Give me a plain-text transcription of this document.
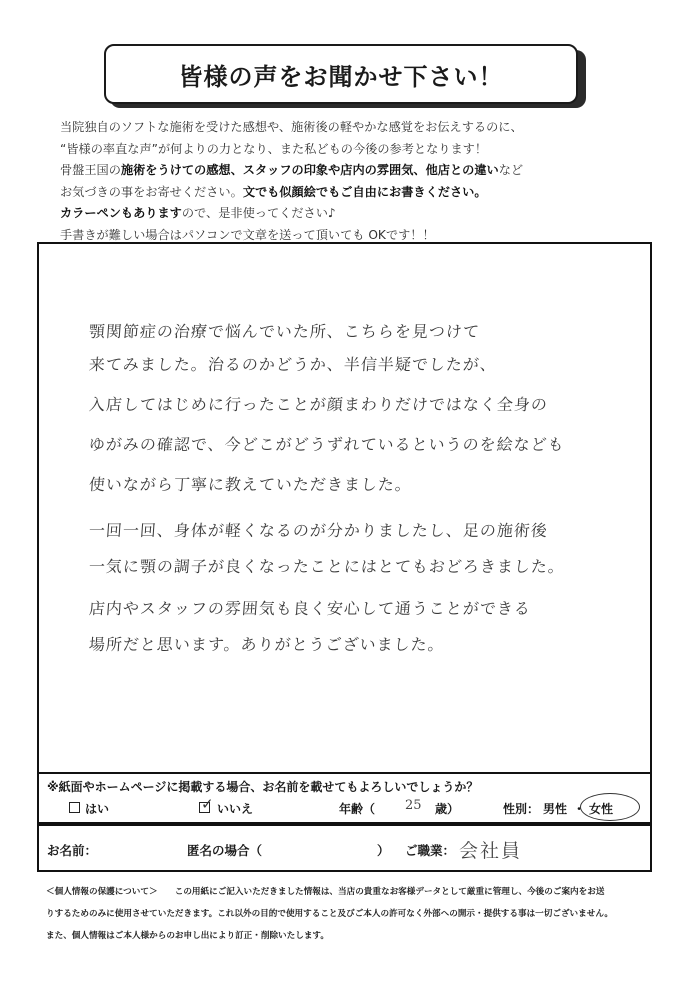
皆様の声をお聞かせ下さい！
当院独自のソフトな施術を受けた感想や、施術後の軽やかな感覚をお伝えするのに、
“皆様の率直な声”が何よりの力となり、また私どもの今後の参考となります！
骨盤王国の施術をうけての感想、スタッフの印象や店内の雰囲気、他店との違いなど
お気づきの事をお寄せください。文でも似顔絵でもご自由にお書きください。
カラーペンもありますので、是非使ってください♪
手書きが難しい場合はパソコンで文章を送って頂いても OKです！！
顎関節症の治療で悩んでいた所、こちらを見つけて
来てみました。治るのかどうか、半信半疑でしたが、
入店してはじめに行ったことが顔まわりだけではなく全身の
ゆがみの確認で、今どこがどうずれているというのを絵なども
使いながら丁寧に教えていただきました。
一回一回、身体が軽くなるのが分かりましたし、足の施術後
一気に顎の調子が良くなったことにはとてもおどろきました。
店内やスタッフの雰囲気も良く安心して通うことができる
場所だと思います。ありがとうございました。
※紙面やホームページに掲載する場合、お名前を載せてもよろしいでしょうか？
はい	✓ いいえ	年齢（ 25 歳）	性別： 男性 ・ 女性
お名前：	匿名の場合（	） ご職業： 会社員
＜個人情報の保護について＞　　この用紙にご記入いただきました情報は、当店の貴重なお客様データとして厳重に管理し、今後のご案内をお送
りするためのみに使用させていただきます。これ以外の目的で使用すること及びご本人の許可なく外部への開示・提供する事は一切ございません。
また、個人情報はご本人様からのお申し出により訂正・削除いたします。
